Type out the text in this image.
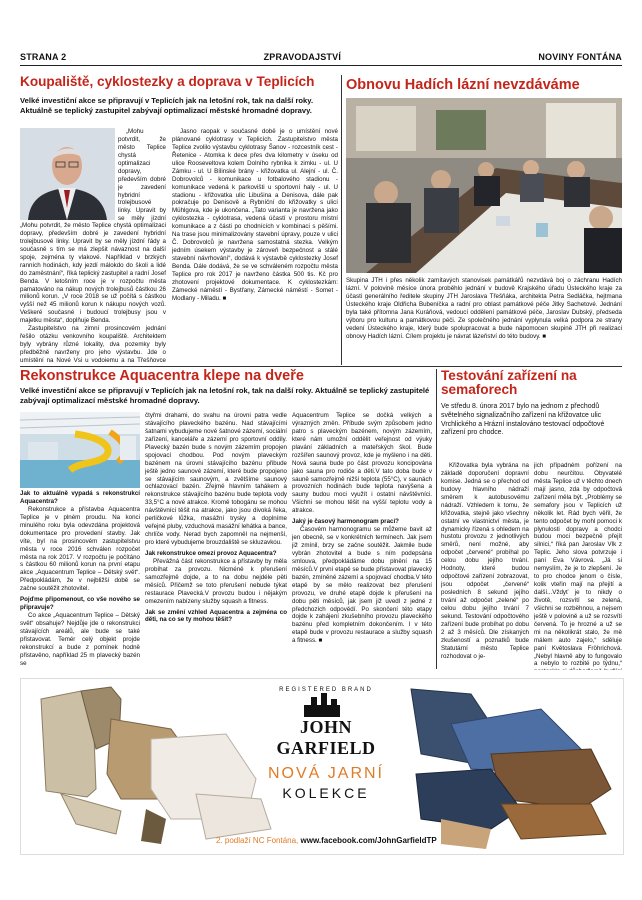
STRANA 2	ZPRAVODAJSTVÍ	NOVINY FONTÁNA
Koupaliště, cyklostezky a doprava v Teplicích
Velké investiční akce se připravují v Teplicích jak na letošní rok, tak na další roky. Aktuálně se teplický zastupitel zabývají optimalizací městské hromadné dopravy.

„Mohu potvrdit, že město Teplice chystá optimalizaci dopravy, především dobré je zavedení hybridní trolejbusové linky. Upravit by se měly jízdní

„Mohu potvrdit, že město Teplice chystá optimalizaci dopravy, především dobré je zavedení hybridní trolejbusové linky. Upravit by se měly jízdní řády a současně s tím se má zlepšit návaznost na další spoje, zejména ty vlakové. Například v brzkých ranních hodinách, kdy jezdí málokdo do školi a lidé do zaměstnání“, říká teplický zastupitel a radní Josef Benda. V letošním roce je v rozpočtu města pamatováno na nákup nových trolejbusů částkou 26 milionů korun. „V roce 2018 se už počítá s částkou vyšší než 45 milionů korun k nákupu nových vozů. Veškeré současné i budoucí trolejbusy jsou v majetku města“, doplňuje Benda.

Zastupitelstvo na zimní prosincovém jednání řešilo otázku venkovního koupaliště. Architektem byly vybrány různé lokality, dva pozemky byly předběžně navrženy pro jeho výstavbu. Jde o umístění na Nové Vsi u vodojemu a na Třešňovce

Jasno raopak v současné době je o umístění nové plánované cyklotrasy v Teplicích. Zastupitelstvo města Teplice zvolilo výstavbu cyklotrasy Šanov - rozcestník cest - Řetenice - Atomka k dece přes dva kilometry v úseku od ulice Rooseveltova kolem Dolního rybníka k zimku - ul. U Zámku - ul. U Bílinské brány - křižovatka ul. Alejní - ul. Č. Dobrovolců - komunikace u fotbalového stadionu - komunikace vedená k parkovišti u sportovní haly - ul. U stadionu - křižovatka ulic Libušina a Denisova, dále pak pokračuje po Denisově a Rybníční do křižovatky s ulicí Mühlgova, kde je ukončena. „Tato varianta je navržena jako cyklostezka - cyklotrasa, vedená účastí v prostoru místní komunikace a z části po chodnících v kombinaci s pěšími. Na trase jsou minimalizovány stavební úpravy, pouze v ulici Č. Dobrovolců je navržena samostatná stezka. Velkým jedním úsekem výstavby je zároveň bezpečnost a stálé stavební návrhování“, dodává k výstavbě cyklostezky Josef Benda. Dále dodává, že se ve schváleném rozpočtu města Teplice pro rok 2017 je navrženo částka 500 tis. Kč pro zhotovení projektové dokumentace. K cyklostezkám: Zámecké náměstí - Bystřany, Zámecké náměstí - Somet -Modlany - Miladu. ■

Obnovu Hadích lázní nevzdáváme
Skupina JTH i přes několik zamítavých stanovisek památkářů nezvdává boj o záchranu Hadích lázní. V polovině měsíce února proběhlo jednání v budově Krajského úřadu Ústeckého kraje za účasti generálního ředitele skupiny JTH Jaroslava Třešňáka, architekta Petra Sedláčka, hejtmana Ústeckého kraje Oldřicha Bubeníčka a radní pro oblast památkové péče Jitky Sachetové. Jednání byla také přítomna Jana Kuráňová, vedoucí oddělení památkové péče, Jaroslav Dubský, předseda výboru pro kulturu a památkovou péči. Ze společného jednání vyplynula velká podpora ze strany vedení Ústeckého kraje, který bude spolupracovat a bude nápomocen skupině JTH při realizaci obnovy Hadích lázní. Cílem projektu je návrat lázeňství do této budovy. ■
Rekonstrukce Aquacentra klepe na dveře
Velké investiční akce se připravují v Teplicích jak na letošní rok, tak na další roky. Aktuálně se teplický zastupitelé zabývají optimalizací městské hromadné dopravy.

Jak to aktuálně vypadá s rekonstrukcí Aquacentra?

Rekonstrukce a přístavba Aquacentra Teplice je v plném proudu. Na konci minulého roku byla odevzdána projektová dokumentace pro provedení stavby. Jak víte, byl na prosincovém zastupitelstvu města v roce 2016 schválen rozpočet města na rok 2017. V rozpočtu je počítáno s částkou 60 milionů korun na první etapu akce „Aquacentrum Teplice – Dětský svět“. Předpokládám, že v nejbližší době se začne soutěžit zhotovitel.

Pojďme připomenout, co vše nového se připravuje?

Co akce „Aquacentrum Teplice – Dětský svět“ obsahuje? Nejdůje jde o rekonstrukci stávajících areálů, ale bude se také přistavovat. Temér celý objekt projde rekonstrukcí a bude z pomínek hodně přistavěno, například 25 m plavecký bazén se

čtyřmi drahami, do svahu na úrovni patra vedle stávajícího plaveckého bazénu. Nad stávajícími šatnami vybudujeme nové šatnové zázemí, sociální zařízení, kanceláře a zázemí pro sportovní oddíly. Plavecký bazén bude s novým zázemím propojen spojovací chodbou. Pod novým plaveckým bazénem na úrovni stávajícího bazénu přibude ještě jedno saunové zázemí, které bude propojeno se stávajícím saunovým, a zvětšíme saunový ochlazovací bazén. Zřejmě hlavním tahákem a rekonstrukce stávajícího bazénu bude teplota vody 33,5°C a nové atrakce. Kromě tobogánu se mohou návštěvníci těšit na atrakce, jako jsou divoká řeka, perličkové lůžka, masážní trysky a doplníme veřejné pluby, vzduchová masážní lehátka a bance, chrlíče vody. Nerad bych zapomněl na nejmenší, pro které vybudujeme brouzdaliště se skluzavkou.

Jak rekonstrukce omezí provoz Aquacentra?

Převážná část rekonstrukce a přístavby by měla probíhat za provozu. Nicméně k přerušení samozřejmě dojde, a to na dobu nejdéle pěti měsíců. Přičemž se toto přerušení nebude týkat restaurace Plavecká.V provozu budou i nějakým omezením nabízeny služby squash a fitness.

Jak se změní vzhled Aquacentra a zejména co děti, na co se ty mohou těšit?

Aquacentrum Teplice se dočká velkých a výrazných změn. Příbude svým způsobem jedno patro s plaveckým bazénem, novým zázemím, které nám umožní oddělit veřejnost od výuky plavání základních a mateřských škol. Bude rozšířen saunový provoz, kde je myšleno i na děti. Nová sauna bude po část provozu koncipována jako sauna pro rodiče a děti.V tato doba bude v sauně samozřejmě nižší teplota (55°C), v saunách provozních hodinách bude teplota navýšena a sauny budou moci využít i ostatní návštěvníci. Všichni se mohou těšit na vyšší teplotu vody a atrakce.

Jaký je časový harmonogram prací?

Časovém harmonogramu se můžeme bavit až jen obecně, se v konkrétních termínech. Jak jsem již zmínil, brzy se začne soutěžit. Jakmile bude vybrán zhotovitel a bude s ním podepsána smlouva, předpokládáme dobu plnění na 15 měsíců.V první etapě se bude přistavovat plavecký bazén, zmíněné zázemí a spojovací chodba.V této etapě by se mělo realizovat bez přerušení provozu, ve druhé etapě dojde k přerušení na dobu pěti měsíců, jak jsem již uvedl z jedné z předchozích odpovědí. Po skončení této etapy dojde k zahájení zkušebního provozu plaveckého bazénu před kompletním dokončením. I v této etapě bude v provozu restaurace a služby squash a fitness. ■

Testování zařízení na semaforech
Ve středu 8. února 2017 bylo na jednom z přechodů světelného signalizačního zařízení na křižovatce ulic Vrchlického a Hrázní instalováno testovací odpočtové zařízení pro chodce.

Křižovatka byla vybrána na základě doporučení dopravní komise. Jedná se o přechod od budovy hlavního nádraží směrem k autobusovému nádraží. Vzhledem k tomu, že křižovatka, stejně jako všechny ostatní ve vlastnictví města, je dynamicky řízená s ohledem na hustotu provozu z jednotlivých směrů, není možné, aby odpočet „červené“ probíhal po celou dobu jejího trvání. Hodnoty, které budou odpočtové zařízení zobrazovat, jsou odpočet „červené“ posledních 8 sekund jejího trvání až odpočet „zelené“ po celou dobu jejího trvání 7 sekund. Testování odpočtového zařízení bude probíhat po dobu 2 až 3 měsíců. Dle získaných zkušeností a poznatků bude Statutární město Teplice rozhodovat o je-

jich případném pořízení na dobu neurčitou. Obyvatelé města Teplice už v těchto dnech mají jasno, zda by odpočtová zařízení měla být. „Problémy se semafory jsou v Teplicích už několik let. Rád bych věřil, že tento odpočet by mohl pomoci k plynulosti dopravy a chodci budou moci bezpečně přejít silnici,“ říká pan Jaroslav Vlk z Teplic. Jeho slova potvrzuje i paní Eva Vávrová. „Já si nemyslím, že je to zlepšení. Je to pro chodce jenom o čísle, kolik vteřin mají na přejití a další...Vždyť je to nikdy o životě, rozsvítí se zelená, všichni se rozběhnou, a nejsem ještě v polovině a už se rozsvítí červená. To je hrozné a už se mi na několikrát stalo, že mě málem auto zajelo,“ sděluje paní Květoslava Fröhrichová. „Nebyl hlavně aby to fungovalo a nebylo to rozbité po týdnu,“

REGISTERED BRAND
JOHN GARFIELD
NOVÁ JARNÍ
KOLEKCE
2. podlaží NC Fontána, www.facebook.com/JohnGarfieldTP
